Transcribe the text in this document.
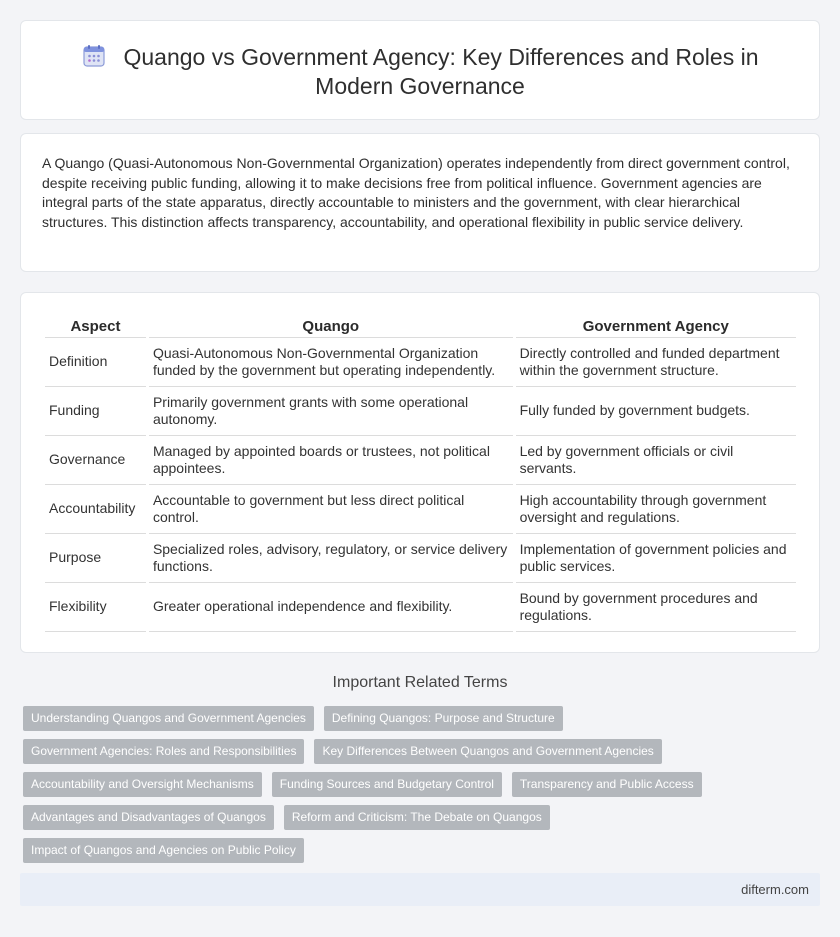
Quango vs Government Agency: Key Differences and Roles in Modern Governance

A Quango (Quasi-Autonomous Non-Governmental Organization) operates independently from direct government control, despite receiving public funding, allowing it to make decisions free from political influence. Government agencies are integral parts of the state apparatus, directly accountable to ministers and the government, with clear hierarchical structures. This distinction affects transparency, accountability, and operational flexibility in public service delivery.

Aspect	Quango	Government Agency
Definition	Quasi-Autonomous Non-Governmental Organization funded by the government but operating independently.	Directly controlled and funded department within the government structure.
Funding	Primarily government grants with some operational autonomy.	Fully funded by government budgets.
Governance	Managed by appointed boards or trustees, not political appointees.	Led by government officials or civil servants.
Accountability	Accountable to government but less direct political control.	High accountability through government oversight and regulations.
Purpose	Specialized roles, advisory, regulatory, or service delivery functions.	Implementation of government policies and public services.
Flexibility	Greater operational independence and flexibility.	Bound by government procedures and regulations.
Important Related Terms
Understanding Quangos and Government Agencies	Defining Quangos: Purpose and Structure
Government Agencies: Roles and Responsibilities	Key Differences Between Quangos and Government Agencies
Accountability and Oversight Mechanisms	Funding Sources and Budgetary Control	Transparency and Public Access
Advantages and Disadvantages of Quangos	Reform and Criticism: The Debate on Quangos
Impact of Quangos and Agencies on Public Policy
difterm.com
